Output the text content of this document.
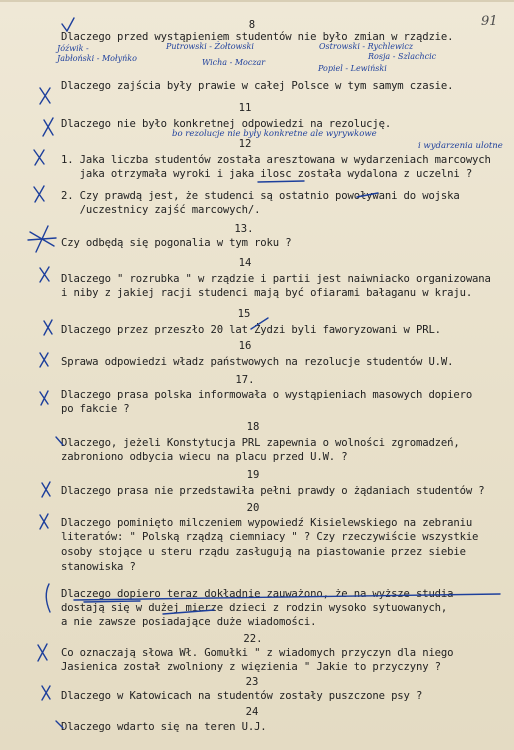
91
8
Dlaczego przed wystąpieniem studentów nie było zmian w rządzie.
Jóźwik -	Putrowski - Żołtowski	Ostrowski - Rychlewicz
Jabłoński - Mołyńko	Wicha - Moczar
Rosja - Szlachcic
Popiel - Lewiński
Dlaczego zajścia były prawie w całej Polsce w tym samym czasie.
11
Dlaczego nie było konkretnej odpowiedzi na rezolucję.
bo rezolucje nie były konkretne ale wyrywkowe
i wydarzenia ulotne
12
1. Jaka liczba studentów została aresztowana w wydarzeniach marcowych
jaka otrzymała wyroki i jaka ilosc została wydalona z uczelni ?
2. Czy prawdą jest, że studenci są ostatnio powoływani do wojska
/uczestnicy zajść marcowych/.
13.
Czy odbędą się pogonalia w tym roku ?
14
Dlaczego " rozrubka " w rządzie i partii jest naiwniacko organizowana
i niby z jakiej racji studenci mają być ofiarami bałaganu w kraju.
15
Dlaczego przez przeszło 20 lat Żydzi byli faworyzowani w PRL.
16
Sprawa odpowiedzi władz państwowych na rezolucje studentów U.W.
17.
Dlaczego prasa polska informowała o wystąpieniach masowych dopiero
po fakcie ?
18
Dlaczego, jeżeli Konstytucja PRL zapewnia o wolności zgromadzeń,
zabroniono odbycia wiecu na placu przed U.W. ?
19
Dlaczego prasa nie przedstawiła pełni prawdy o żądaniach studentów ?
20
Dlaczego pominięto milczeniem wypowiedź Kisielewskiego na zebraniu
literatów: " Polską rządzą ciemniacy " ? Czy rzeczywiście wszystkie
osoby stojące u steru rządu zasługują na piastowanie przez siebie
stanowiska ?
Dlaczego dopiero teraz dokładnie zauważono, że na wyższe studia
dostają się w dużej mierze dzieci z rodzin wysoko sytuowanych,
a nie zawsze posiadające duże wiadomości.
22.
Co oznaczają słowa Wł. Gomułki " z wiadomych przyczyn dla niego
Jasienica został zwolniony z więzienia " Jakie to przyczyny ?
23
Dlaczego w Katowicach na studentów zostały puszczone psy ?
24
Dlaczego wdarto się na teren U.J.
